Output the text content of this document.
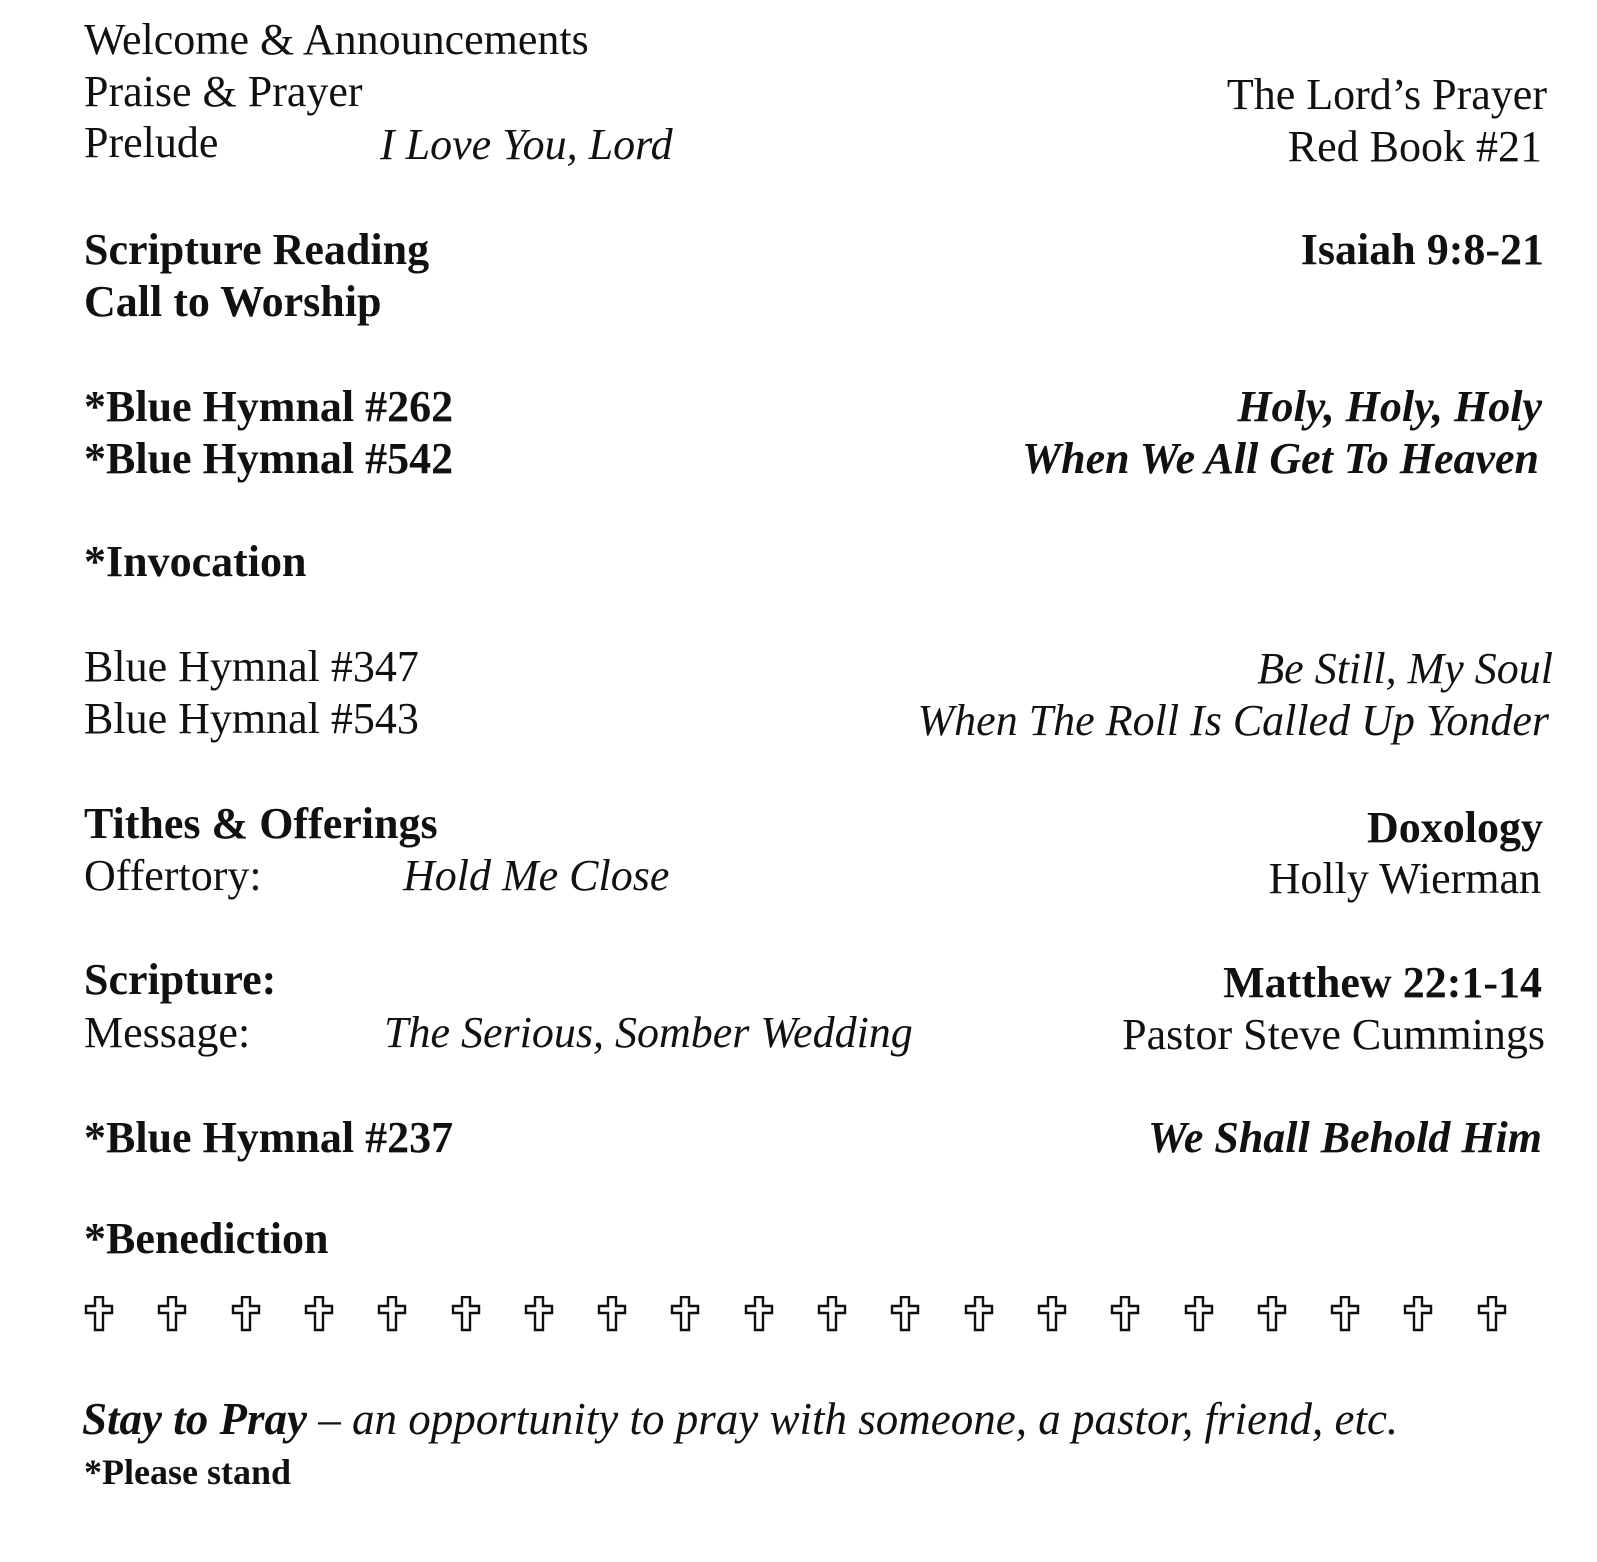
Welcome & Announcements
Praise & Prayer	The Lord’s Prayer
Prelude	I Love You, Lord	Red Book #21
Scripture Reading	Isaiah 9:8-21
Call to Worship
*Blue Hymnal #262	Holy, Holy, Holy
*Blue Hymnal #542	When We All Get To Heaven
*Invocation
Blue Hymnal #347	Be Still, My Soul
Blue Hymnal #543	When The Roll Is Called Up Yonder
Tithes & Offerings	Doxology
Offertory:	Hold Me Close	Holly Wierman
Scripture:	Matthew 22:1-14
Message:	The Serious, Somber Wedding	Pastor Steve Cummings
*Blue Hymnal #237	We Shall Behold Him
*Benediction
Stay to Pray – an opportunity to pray with someone, a pastor, friend, etc.
*Please stand
